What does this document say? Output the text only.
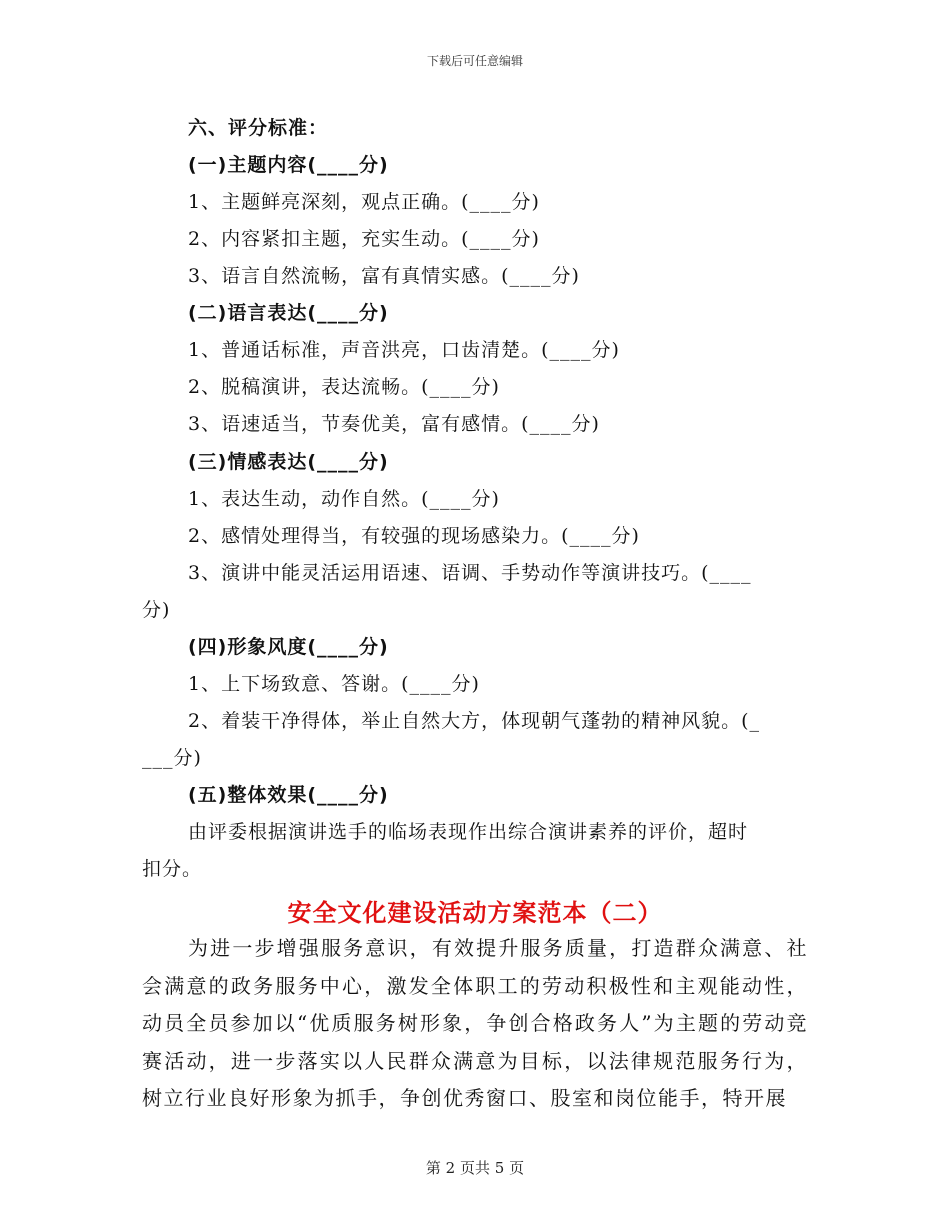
下载后可任意编辑
六、评分标准：
(一)主题内容(____分)
1、主题鲜亮深刻，观点正确。(____分)
2、内容紧扣主题，充实生动。(____分)
3、语言自然流畅，富有真情实感。(____分)
(二)语言表达(____分)
1、普通话标准，声音洪亮，口齿清楚。(____分)
2、脱稿演讲，表达流畅。(____分)
3、语速适当，节奏优美，富有感情。(____分)
(三)情感表达(____分)
1、表达生动，动作自然。(____分)
2、感情处理得当，有较强的现场感染力。(____分)
3、演讲中能灵活运用语速、语调、手势动作等演讲技巧。(____
分)
(四)形象风度(____分)
1、上下场致意、答谢。(____分)
2、着装干净得体，举止自然大方，体现朝气蓬勃的精神风貌。(_
___分)
(五)整体效果(____分)
由评委根据演讲选手的临场表现作出综合演讲素养的评价，超时
扣分。
安全文化建设活动方案范本（二）
为进一步增强服务意识，有效提升服务质量，打造群众满意、社会满意的政务服务中心，激发全体职工的劳动积极性和主观能动性，动员全员参加以“优质服务树形象，争创合格政务人”为主题的劳动竞赛活动，进一步落实以人民群众满意为目标，以法律规范服务行为，树立行业良好形象为抓手，争创优秀窗口、股室和岗位能手，特开展
第 2 页共 5 页
